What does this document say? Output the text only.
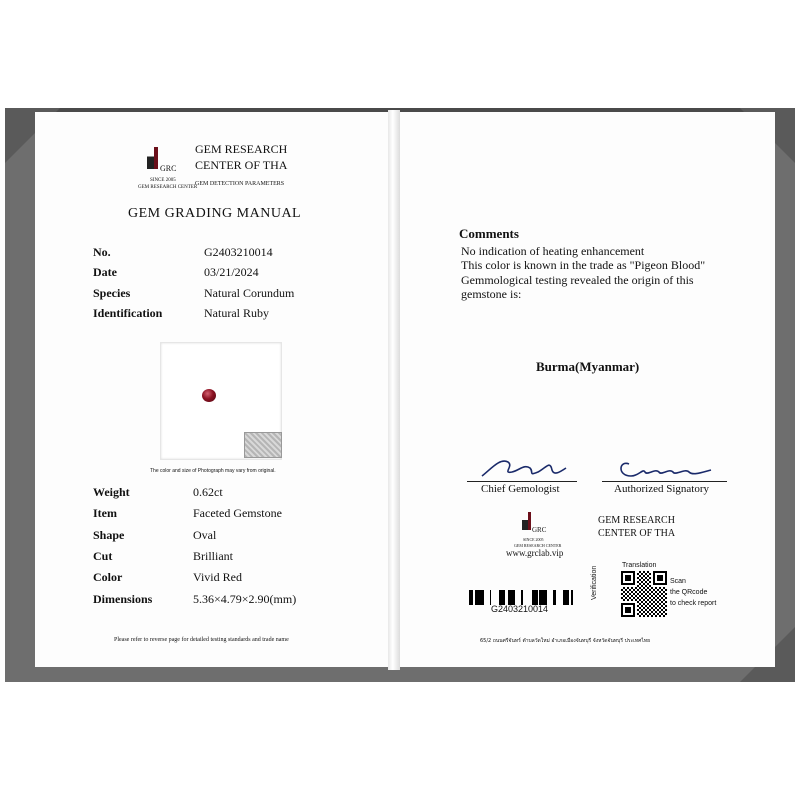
GRC
SINCE 2005
GEM RESEARCH CENTER
GEM RESEARCH
CENTER OF THA
GEM DETECTION PARAMETERS
GEM GRADING MANUAL
No.	G2403210014
Date	03/21/2024
Species	Natural Corundum
Identification	Natural Ruby
The color and size of Photograph may vary from original.
Weight	0.62ct
Item	Faceted Gemstone
Shape	Oval
Cut	Brilliant
Color	Vivid Red
Dimensions	5.36×4.79×2.90(mm)
Please refer to reverse page for detailed testing standards and trade name
Comments
No indication of heating enhancement
This color is known in the trade as "Pigeon Blood"
Gemmological testing revealed the origin of this
gemstone is:
Burma(Myanmar)
Chief Gemologist	Authorized Signatory
GRC
SINCE 2005
GEM RESEARCH CENTER
www.grclab.vip
GEM RESEARCH
CENTER OF THA
G2403210014
Translation
Verification	Scan
the QRcode
to check report
65/2 ถนนศรีจันทร์ ตำบลวัดใหม่ อำเภอเมืองจันทบุรี จังหวัดจันทบุรี ประเทศไทย
